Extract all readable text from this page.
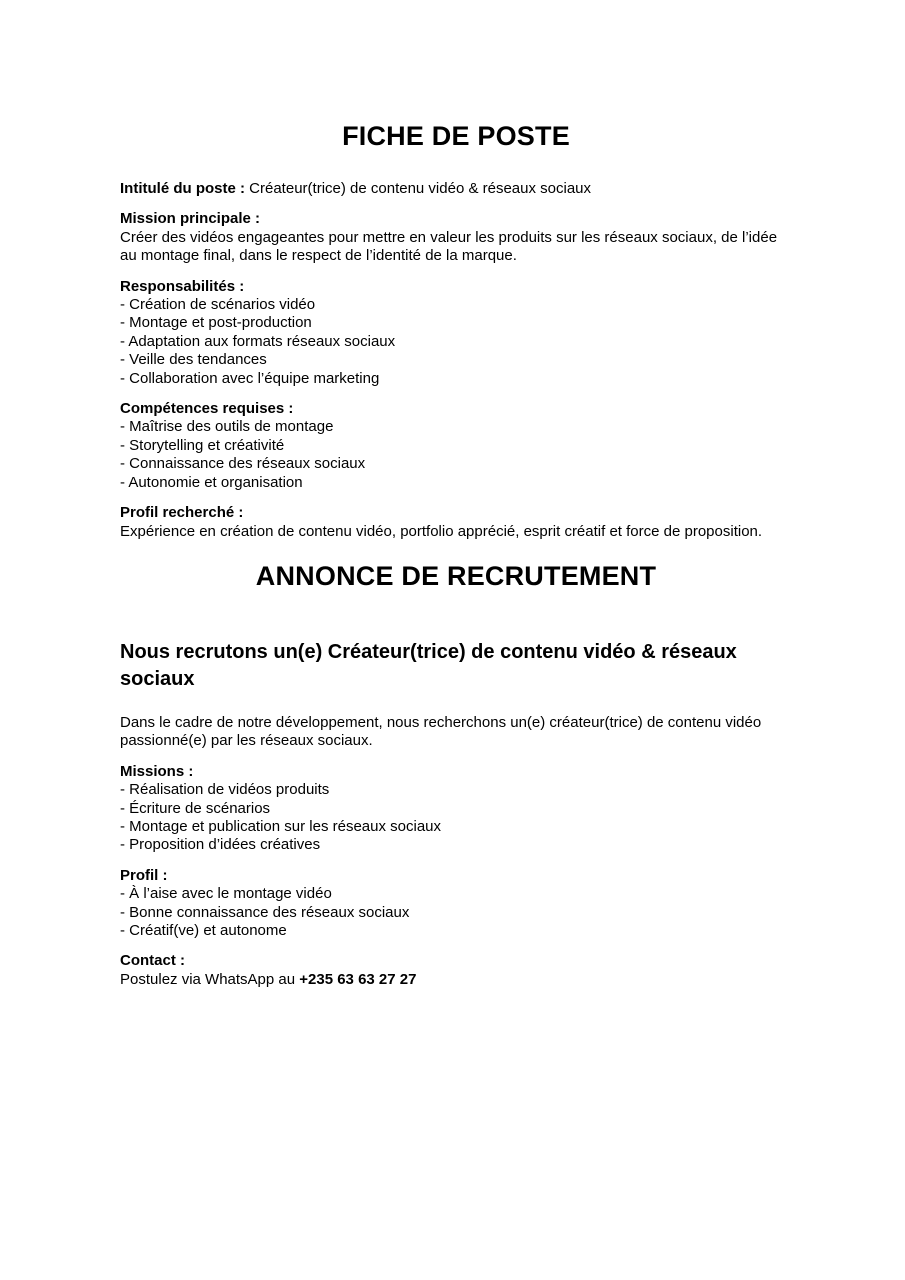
FICHE DE POSTE
Intitulé du poste : Créateur(trice) de contenu vidéo & réseaux sociaux
Mission principale :
Créer des vidéos engageantes pour mettre en valeur les produits sur les réseaux sociaux, de l’idée au montage final, dans le respect de l’identité de la marque.
Responsabilités :
- Création de scénarios vidéo
- Montage et post-production
- Adaptation aux formats réseaux sociaux
- Veille des tendances
- Collaboration avec l’équipe marketing
Compétences requises :
- Maîtrise des outils de montage
- Storytelling et créativité
- Connaissance des réseaux sociaux
- Autonomie et organisation
Profil recherché :
Expérience en création de contenu vidéo, portfolio apprécié, esprit créatif et force de proposition.
ANNONCE DE RECRUTEMENT
Nous recrutons un(e) Créateur(trice) de contenu vidéo & réseaux sociaux
Dans le cadre de notre développement, nous recherchons un(e) créateur(trice) de contenu vidéo passionné(e) par les réseaux sociaux.
Missions :
- Réalisation de vidéos produits
- Écriture de scénarios
- Montage et publication sur les réseaux sociaux
- Proposition d’idées créatives
Profil :
- À l’aise avec le montage vidéo
- Bonne connaissance des réseaux sociaux
- Créatif(ve) et autonome
Contact :
Postulez via WhatsApp au +235 63 63 27 27
